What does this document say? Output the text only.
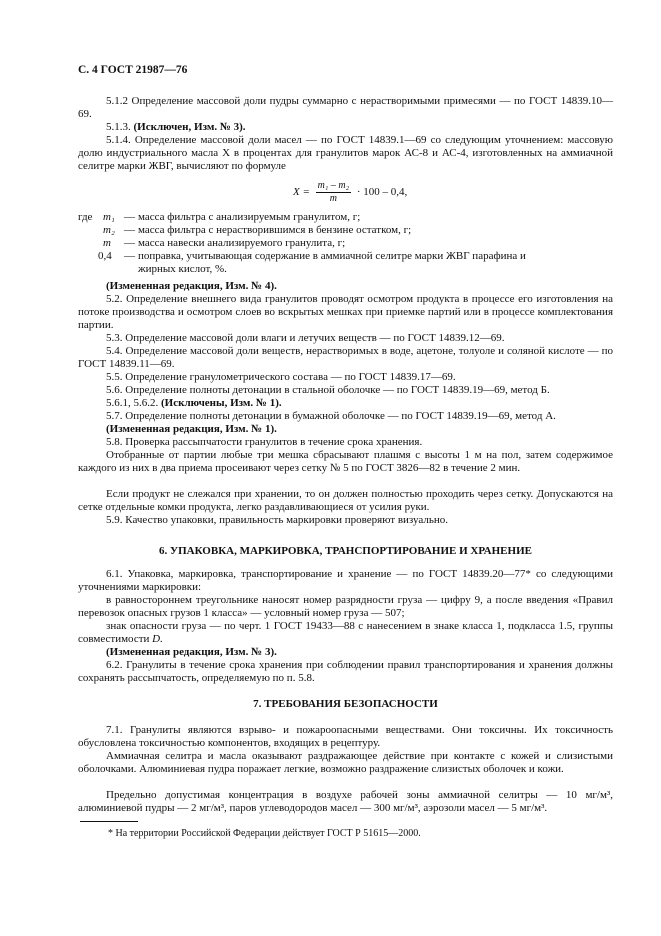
С. 4 ГОСТ 21987—76

5.1.2 Определение массовой доли пудры суммарно с нерастворимыми примесями — по ГОСТ 14839.10—69.

5.1.3. (Исключен, Изм. № 3).

5.1.4. Определение массовой доли масел — по ГОСТ 14839.1—69 со следующим уточнением: массовую долю индустриального масла X в процентах для гранулитов марок АС-8 и АС-4, изготовленных на аммиачной селитре марки ЖВГ, вычисляют по формуле

$X = \frac{\text{m₁ – m₂}}{m} \cdot 100 - 0,4$,
где m₁ — масса фильтра с анализируемым гранулитом, г;
m₂ — масса фильтра с нерастворившимся в бензине остатком, г;
m	— масса навески анализируемого гранулита, г;
0,4	— поправка, учитывающая содержание в аммиачной селитре марки ЖВГ парафина и
жирных кислот, %.

(Измененная редакция, Изм. № 4).

5.2. Определение внешнего вида гранулитов проводят осмотром продукта в процессе его изготовления на потоке производства и осмотром слоев во вскрытых мешках при приемке партий или в процессе комплектования партии.

5.3. Определение массовой доли влаги и летучих веществ — по ГОСТ 14839.12—69.

5.4. Определение массовой доли веществ, нерастворимых в воде, ацетоне, толуоле и соляной кислоте — по ГОСТ 14839.11—69.

5.5. Определение гранулометрического состава — по ГОСТ 14839.17—69.

5.6. Определение полноты детонации в стальной оболочке — по ГОСТ 14839.19—69, метод Б.

5.6.1, 5.6.2. (Исключены, Изм. № 1).

5.7. Определение полноты детонации в бумажной оболочке — по ГОСТ 14839.19—69, метод А.

(Измененная редакция, Изм. № 1).

5.8. Проверка рассыпчатости гранулитов в течение срока хранения.

Отобранные от партии любые три мешка сбрасывают плашмя с высоты 1 м на пол, затем содержимое каждого из них в два приема просеивают через сетку № 5 по ГОСТ 3826—82 в течение 2 мин.

Если продукт не слежался при хранении, то он должен полностью проходить через сетку. Допускаются на сетке отдельные комки продукта, легко раздавливающиеся от усилия руки.

5.9. Качество упаковки, правильность маркировки проверяют визуально.

6. УПАКОВКА, МАРКИРОВКА, ТРАНСПОРТИРОВАНИЕ И ХРАНЕНИЕ

6.1. Упаковка, маркировка, транспортирование и хранение — по ГОСТ 14839.20—77* со следующими уточнениями маркировки:

в равностороннем треугольнике наносят номер разрядности груза — цифру 9, а после введения «Правил перевозок опасных грузов 1 класса» — условный номер груза — 507;

знак опасности груза — по черт. 1 ГОСТ 19433—88 с нанесением в знаке класса 1, подкласса 1.5, группы совместимости D.

(Измененная редакция, Изм. № 3).

6.2. Гранулиты в течение срока хранения при соблюдении правил транспортирования и хранения должны сохранять рассыпчатость, определяемую по п. 5.8.

7. ТРЕБОВАНИЯ БЕЗОПАСНОСТИ

7.1. Гранулиты являются взрыво- и пожароопасными веществами. Они токсичны. Их токсичность обусловлена токсичностью компонентов, входящих в рецептуру.

Аммиачная селитра и масла оказывают раздражающее действие при контакте с кожей и слизистыми оболочками. Алюминиевая пудра поражает легкие, возможно раздражение слизистых оболочек и кожи.

Предельно допустимая концентрация в воздухе рабочей зоны аммиачной селитры — 10 мг/м³, алюминиевой пудры — 2 мг/м³, паров углеводородов масел — 300 мг/м³, аэрозоли масел — 5 мг/м³.

* На территории Российской Федерации действует ГОСТ Р 51615—2000.
